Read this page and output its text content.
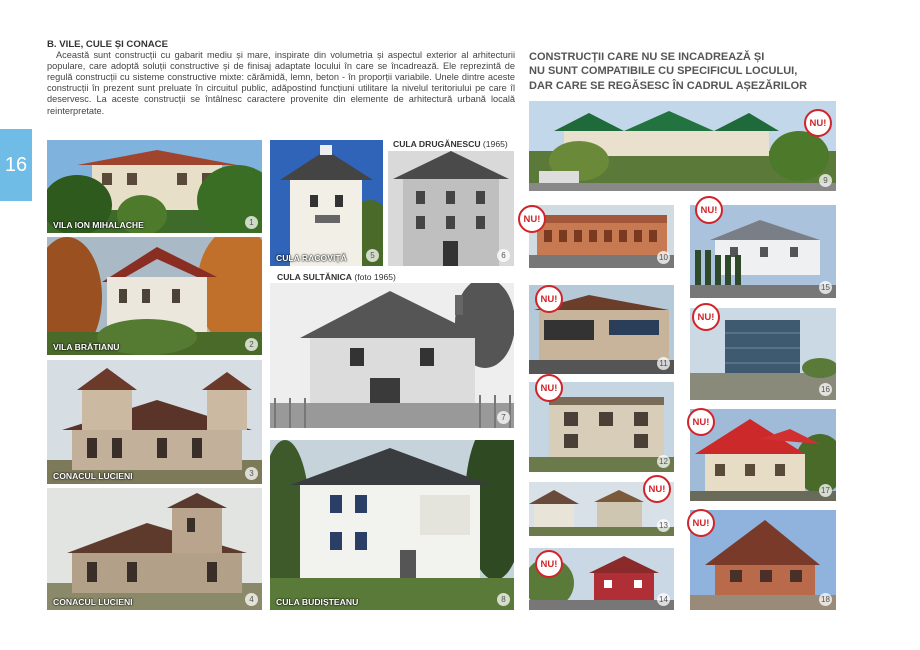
16
B. VILE, CULE ȘI CONACE
Această sunt construcții cu gabarit mediu și mare, inspirate din volumetria și aspectul exterior al arhitecturii populare, care adoptă soluții constructive și de finisaj adaptate locului în care se încadrează. Ele reprezintă de regulă construcții cu sisteme constructive mixte: cărămidă, lemn, beton - în proporții variabile. Unele dintre aceste construcții în prezent sunt preluate în circuitul public, adăpostind funcțiuni utilitare la nivelul teritoriului pe care îl deservesc. La aceste construcții se întâlnesc caractere provenite din elemente de arhitectură urbană locală reinterpretate.
CONSTRUCȚII CARE NU SE INCADREAZĂ ȘI
NU SUNT COMPATIBILE CU SPECIFICUL LOCULUI,
DAR CARE SE REGĂSESC ÎN CADRUL AȘEZĂRILOR
VILA ION MIHALACHE	1
VILA BRĂTIANU	2
CONACUL LUCIENI	3
CONACUL LUCIENI	4
CULA RACOVIȚĂ	5
CULA DRUGĂNESCU (1965)
6
CULA SULTĂNICA (foto 1965)
7
CULA BUDIȘTEANU	8
NU!
9
10
NU!
15
NU!
11
NU!
16
NU!
12
NU!
17
NU!
13
NU!
14
NU!
18
NU!
